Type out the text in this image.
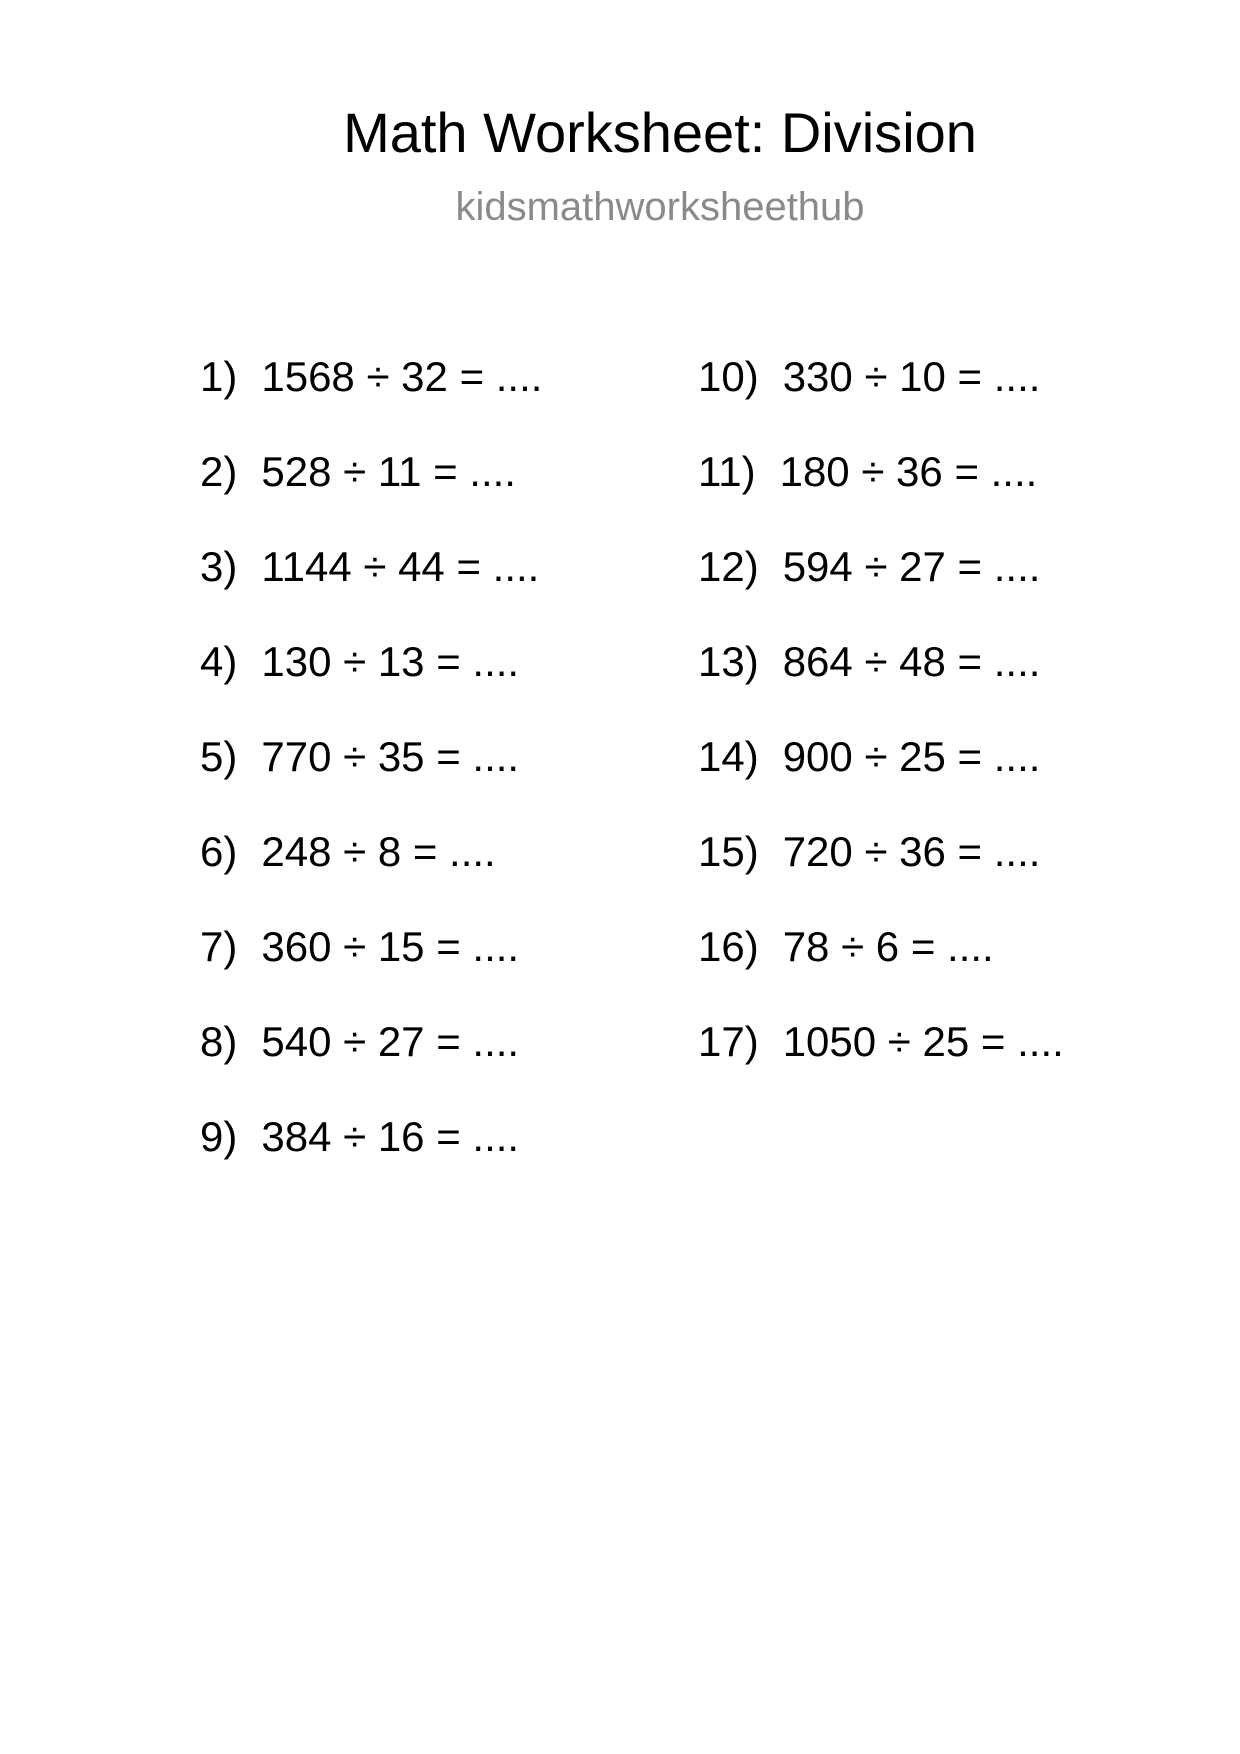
Math Worksheet: Division
kidsmathworksheethub
1) 1568 ÷ 32 = ....
2) 528 ÷ 11 = ....
3) 1144 ÷ 44 = ....
4) 130 ÷ 13 = ....
5) 770 ÷ 35 = ....
6) 248 ÷ 8 = ....
7) 360 ÷ 15 = ....
8) 540 ÷ 27 = ....
9) 384 ÷ 16 = ....
10) 330 ÷ 10 = ....
11) 180 ÷ 36 = ....
12) 594 ÷ 27 = ....
13) 864 ÷ 48 = ....
14) 900 ÷ 25 = ....
15) 720 ÷ 36 = ....
16) 78 ÷ 6 = ....
17) 1050 ÷ 25 = ....
